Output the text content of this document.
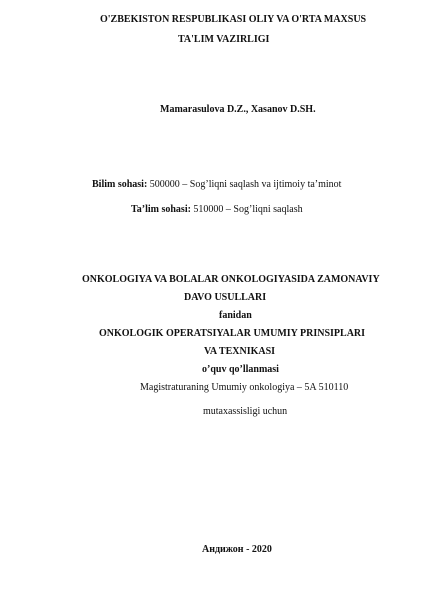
O'ZBEKISTON RESPUBLIKASI OLIY VA O'RTA MAXSUS
TA'LIM VAZIRLIGI
Mamarasulova D.Z., Xasanov D.SH.
Bilim sohasi: 500000 – Sog’liqni saqlash va ijtimoiy ta’minot
Ta’lim sohasi: 510000 – Sog’liqni saqlash
ONKOLOGIYA VA BOLALAR ONKOLOGIYASIDA ZAMONAVIY
DAVO USULLARI
fanidan
ONKOLOGIK OPERATSIYALAR UMUMIY PRINSIPLARI
VA TEXNIKASI
o’quv qo’llanmasi
Magistraturaning Umumiy onkologiya – 5A 510110
mutaxassisligi uchun
Андижон - 2020
